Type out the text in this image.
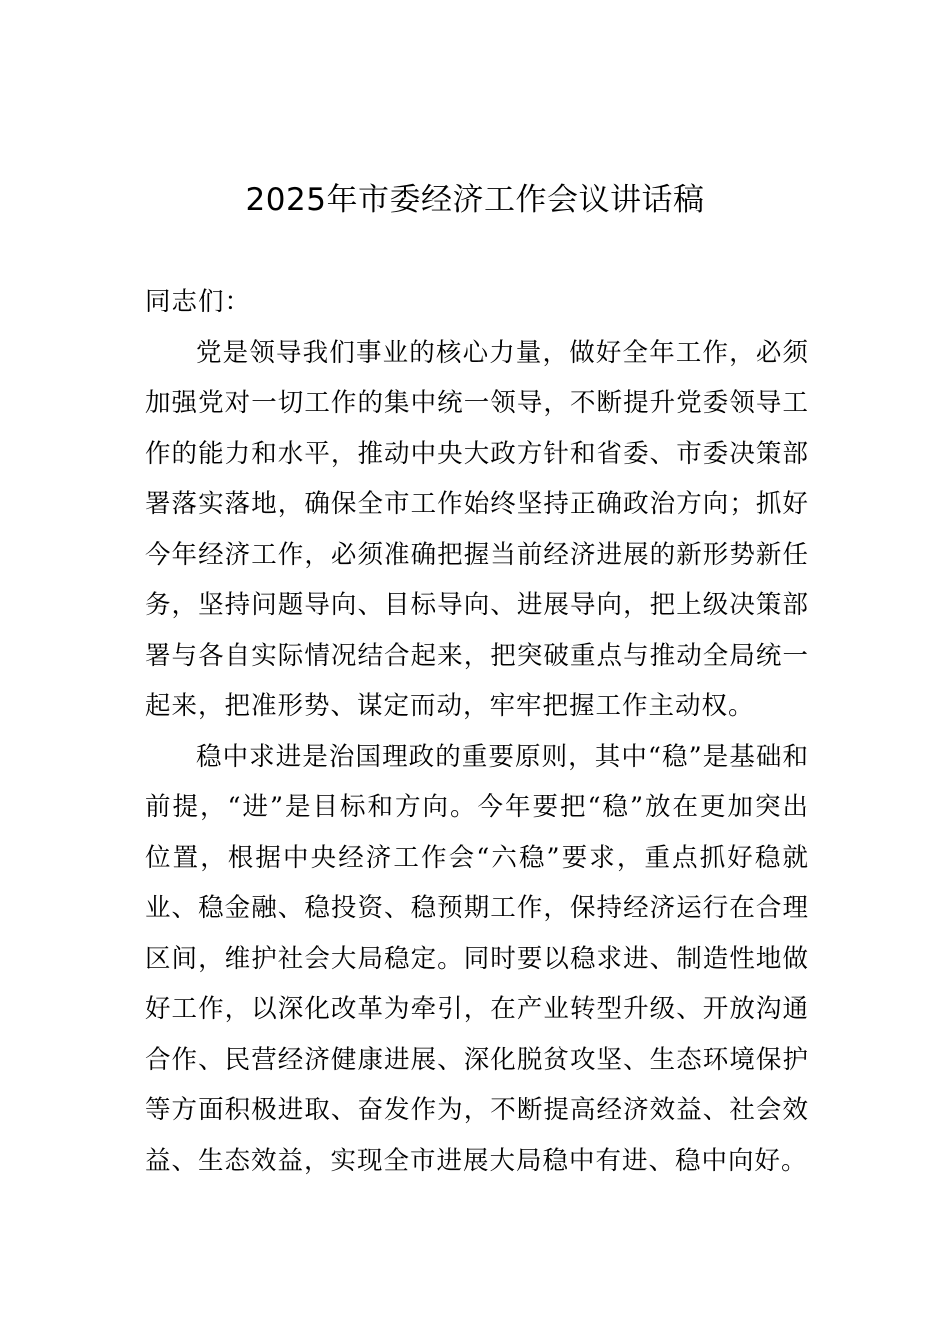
2025年市委经济工作会议讲话稿

同志们：

党是领导我们事业的核心力量，做好全年工作，必须加强党对一切工作的集中统一领导，不断提升党委领导工作的能力和水平，推动中央大政方针和省委、市委决策部署落实落地，确保全市工作始终坚持正确政治方向；抓好今年经济工作，必须准确把握当前经济进展的新形势新任务，坚持问题导向、目标导向、进展导向，把上级决策部署与各自实际情况结合起来，把突破重点与推动全局统一起来，把准形势、谋定而动，牢牢把握工作主动权。

稳中求进是治国理政的重要原则，其中“稳”是基础和前提，“进”是目标和方向。今年要把“稳”放在更加突出位置，根据中央经济工作会“六稳”要求，重点抓好稳就业、稳金融、稳投资、稳预期工作，保持经济运行在合理区间，维护社会大局稳定。同时要以稳求进、制造性地做好工作，以深化改革为牵引，在产业转型升级、开放沟通合作、民营经济健康进展、深化脱贫攻坚、生态环境保护等方面积极进取、奋发作为，不断提高经济效益、社会效益、生态效益，实现全市进展大局稳中有进、稳中向好。
